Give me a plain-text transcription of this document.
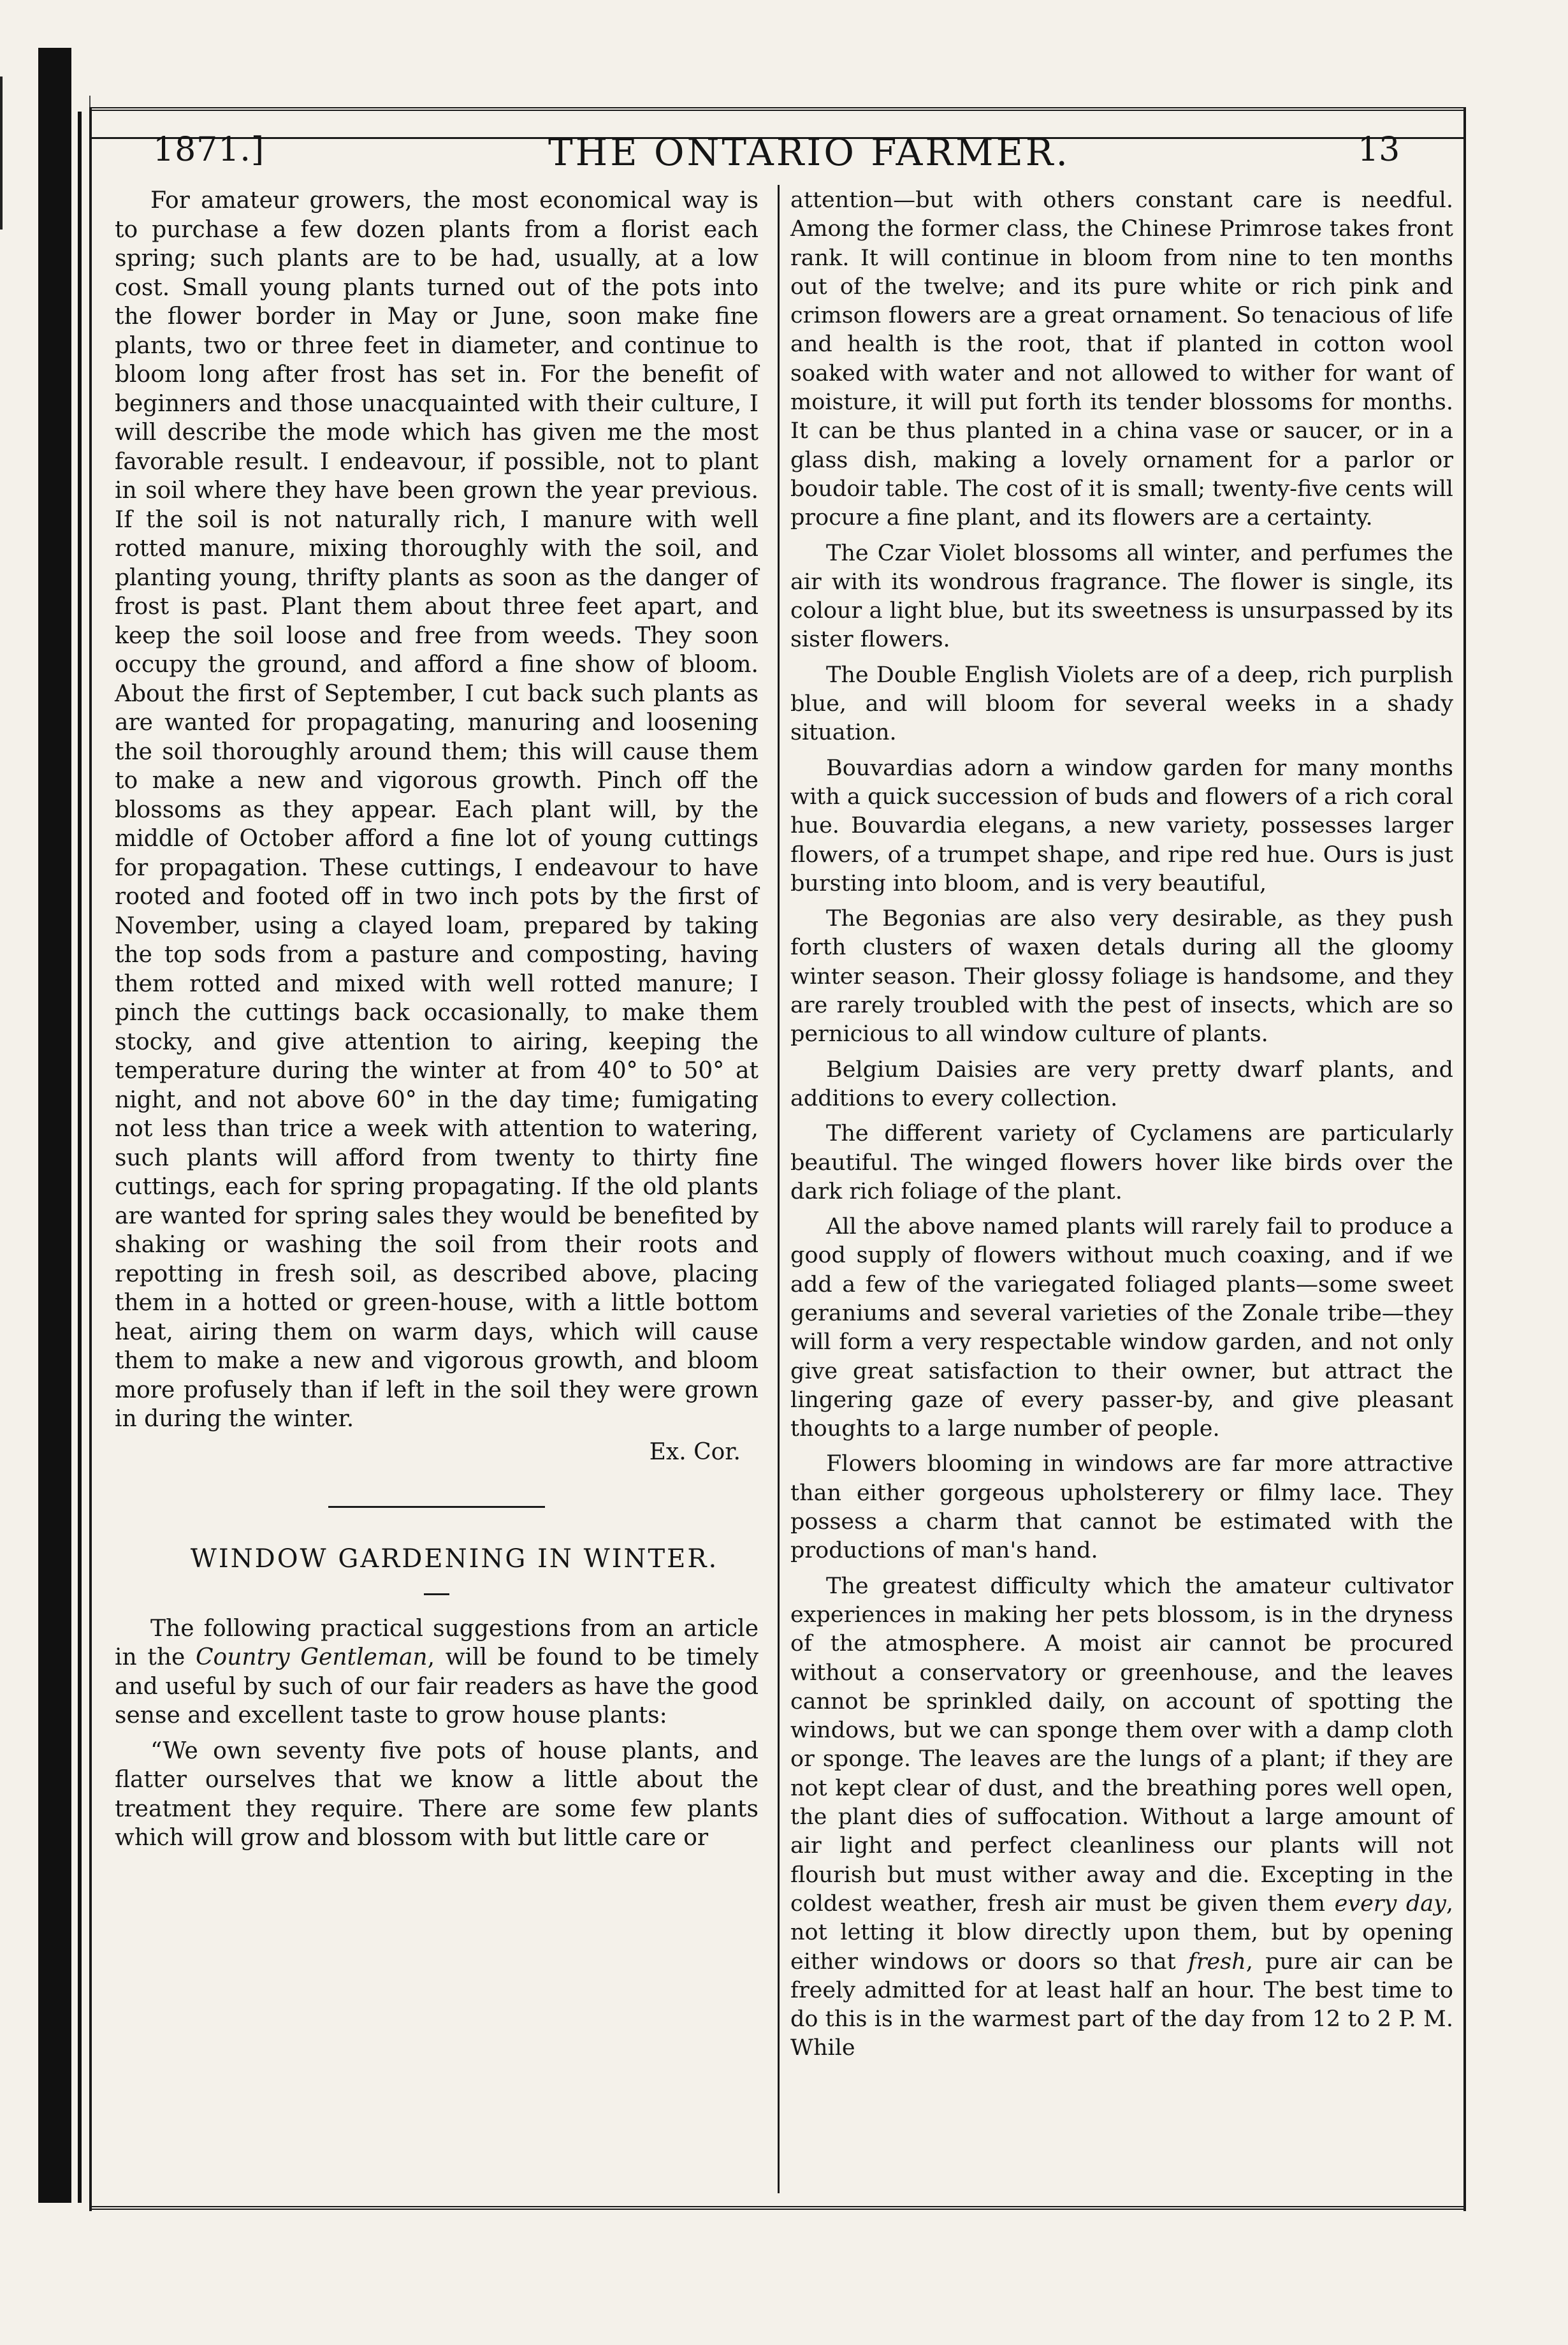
1871.]	THE ONTARIO FARMER.	13

For amateur growers, the most economical way is to purchase a few dozen plants from a florist each spring; such plants are to be had, usually, at a low cost. Small young plants turned out of the pots into the flower border in May or June, soon make fine plants, two or three feet in diameter, and continue to bloom long after frost has set in. For the benefit of beginners and those unacquainted with their culture, I will describe the mode which has given me the most favorable result. I endeavour, if possible, not to plant in soil where they have been grown the year previous. If the soil is not naturally rich, I manure with well rotted manure, mixing thoroughly with the soil, and planting young, thrifty plants as soon as the danger of frost is past. Plant them about three feet apart, and keep the soil loose and free from weeds. They soon occupy the ground, and afford a fine show of bloom. About the first of September, I cut back such plants as are wanted for propagating, manuring and loosening the soil thoroughly around them; this will cause them to make a new and vigorous growth. Pinch off the blossoms as they appear. Each plant will, by the middle of October afford a fine lot of young cuttings for propagation. These cuttings, I endeavour to have rooted and footed off in two inch pots by the first of November, using a clayed loam, prepared by taking the top sods from a pasture and composting, having them rotted and mixed with well rotted manure; I pinch the cuttings back occasionally, to make them stocky, and give attention to airing, keeping the temperature during the winter at from 40° to 50° at night, and not above 60° in the day time; fumigating not less than trice a week with attention to watering, such plants will afford from twenty to thirty fine cuttings, each for spring propagating. If the old plants are wanted for spring sales they would be benefited by shaking or washing the soil from their roots and repotting in fresh soil, as described above, placing them in a hotted or green-house, with a little bottom heat, airing them on warm days, which will cause them to make a new and vigorous growth, and bloom more profusely than if left in the soil they were grown in during the winter.

Ex. Cor.

WINDOW GARDENING IN WINTER.

The following practical suggestions from an article in the Country Gentleman, will be found to be timely and useful by such of our fair readers as have the good sense and excellent taste to grow house plants:

“We own seventy five pots of house plants, and flatter ourselves that we know a little about the treatment they require. There are some few plants which will grow and blossom with but little care or

attention—but with others constant care is needful. Among the former class, the Chinese Primrose takes front rank. It will continue in bloom from nine to ten months out of the twelve; and its pure white or rich pink and crimson flowers are a great ornament. So tenacious of life and health is the root, that if planted in cotton wool soaked with water and not allowed to wither for want of moisture, it will put forth its tender blossoms for months. It can be thus planted in a china vase or saucer, or in a glass dish, making a lovely ornament for a parlor or boudoir table. The cost of it is small; twenty-five cents will procure a fine plant, and its flowers are a certainty.

The Czar Violet blossoms all winter, and perfumes the air with its wondrous fragrance. The flower is single, its colour a light blue, but its sweetness is unsurpassed by its sister flowers.

The Double English Violets are of a deep, rich purplish blue, and will bloom for several weeks in a shady situation.

Bouvardias adorn a window garden for many months with a quick succession of buds and flowers of a rich coral hue. Bouvardia elegans, a new variety, possesses larger flowers, of a trumpet shape, and ripe red hue. Ours is just bursting into bloom, and is very beautiful,

The Begonias are also very desirable, as they push forth clusters of waxen detals during all the gloomy winter season. Their glossy foliage is handsome, and they are rarely troubled with the pest of insects, which are so pernicious to all window culture of plants.

Belgium Daisies are very pretty dwarf plants, and additions to every collection.

The different variety of Cyclamens are particularly beautiful. The winged flowers hover like birds over the dark rich foliage of the plant.

All the above named plants will rarely fail to produce a good supply of flowers without much coaxing, and if we add a few of the variegated foliaged plants—some sweet geraniums and several varieties of the Zonale tribe—they will form a very respectable window garden, and not only give great satisfaction to their owner, but attract the lingering gaze of every passer-by, and give pleasant thoughts to a large number of people.

Flowers blooming in windows are far more attractive than either gorgeous upholsterery or filmy lace. They possess a charm that cannot be estimated with the productions of man's hand.

The greatest difficulty which the amateur cultivator experiences in making her pets blossom, is in the dryness of the atmosphere. A moist air cannot be procured without a conservatory or greenhouse, and the leaves cannot be sprinkled daily, on account of spotting the windows, but we can sponge them over with a damp cloth or sponge. The leaves are the lungs of a plant; if they are not kept clear of dust, and the breathing pores well open, the plant dies of suffocation. Without a large amount of air light and perfect cleanliness our plants will not flourish but must wither away and die. Excepting in the coldest weather, fresh air must be given them every day, not letting it blow directly upon them, but by opening either windows or doors so that fresh, pure air can be freely admitted for at least half an hour. The best time to do this is in the warmest part of the day from 12 to 2 P. M. While
